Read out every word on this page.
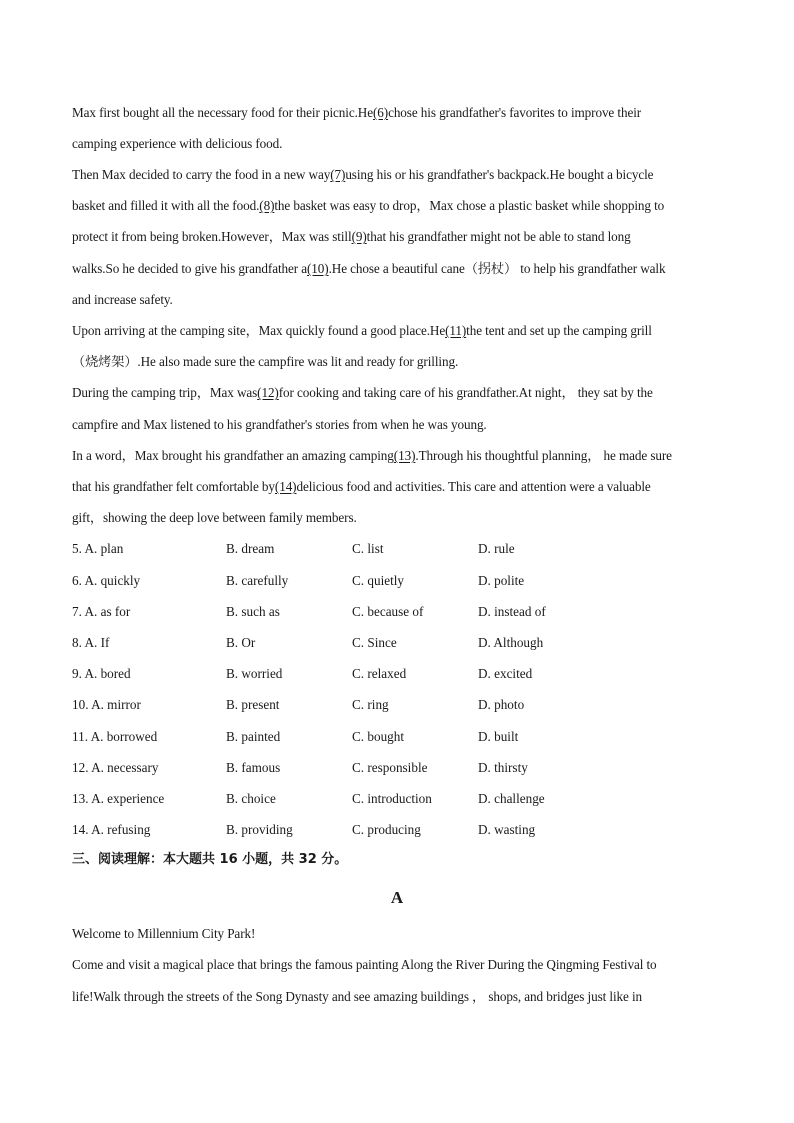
Max first bought all the necessary food for their picnic.He(6)chose his grandfather's favorites to improve their
camping experience with delicious food.
Then Max decided to carry the food in a new way(7)using his or his grandfather's backpack.He bought a bicycle
basket and filled it with all the food.(8)the basket was easy to drop，Max chose a plastic basket while shopping to
protect it from being broken.However，Max was still(9)that his grandfather might not be able to stand long
walks.So he decided to give his grandfather a(10).He chose a beautiful cane（拐杖） to help his grandfather walk
and increase safety.
Upon arriving at the camping site，Max quickly found a good place.He(11)the tent and set up the camping grill
（烧烤架）.He also made sure the campfire was lit and ready for grilling.
During the camping trip，Max was(12)for cooking and taking care of his grandfather.At night， they sat by the
campfire and Max listened to his grandfather's stories from when he was young.
In a word，Max brought his grandfather an amazing camping(13).Through his thoughtful planning， he made sure
that his grandfather felt comfortable by(14)delicious food and activities. This care and attention were a valuable
gift，showing the deep love between family members.
5. A. plan	B. dream	C. list	D. rule
6. A. quickly	B. carefully	C. quietly	D. polite
7. A. as for	B. such as	C. because of	D. instead of
8. A. If	B. Or	C. Since	D. Although
9. A. bored	B. worried	C. relaxed	D. excited
10. A. mirror	B. present	C. ring	D. photo
11. A. borrowed	B. painted	C. bought	D. built
12. A. necessary	B. famous	C. responsible	D. thirsty
13. A. experience	B. choice	C. introduction	D. challenge
14. A. refusing	B. providing	C. producing	D. wasting
三、阅读理解：本大题共 16 小题，共 32 分。
A
Welcome to Millennium City Park!
Come and visit a magical place that brings the famous painting Along the River During the Qingming Festival to
life!Walk through the streets of the Song Dynasty and see amazing buildings ， shops, and bridges just like in
